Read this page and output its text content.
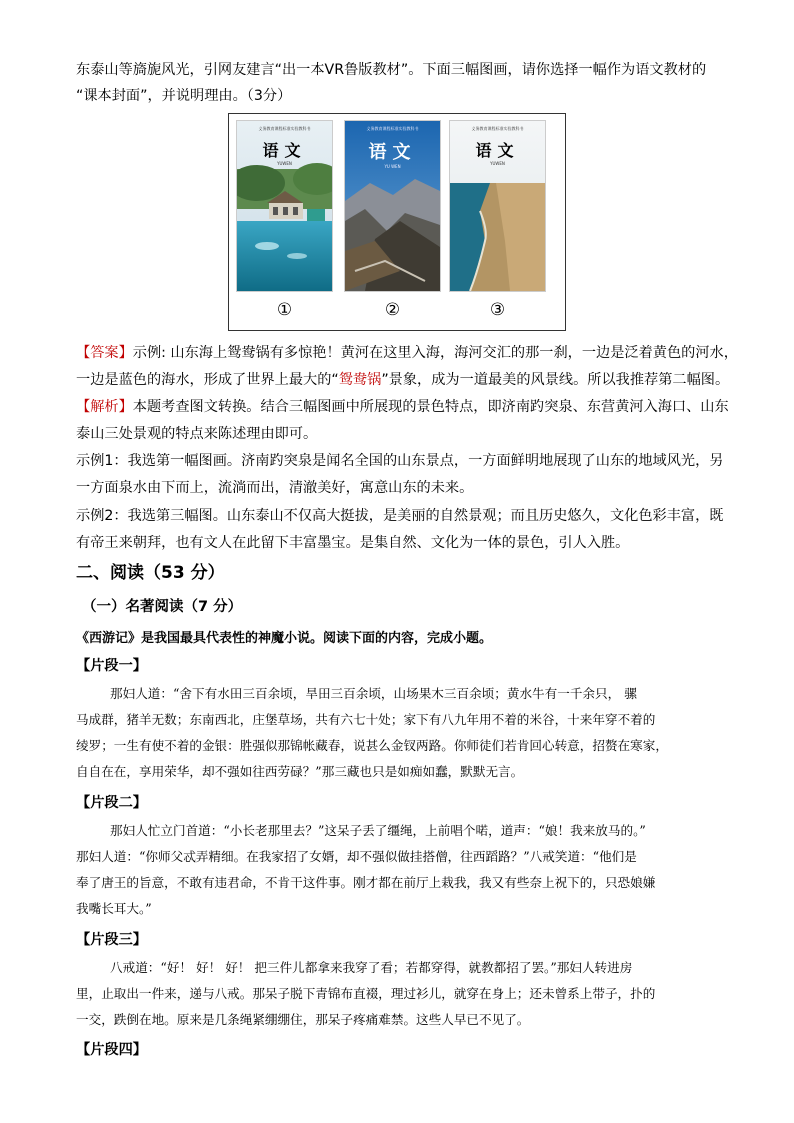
东泰山等旖旎风光，引网友建言“出一本VR鲁版教材”。下面三幅图画，请你选择一幅作为语文教材的
“课本封面”，并说明理由。（3分）
义务教育课程标准实验教科书
语文
YUWEN
①
义务教育课程标准实验教科书
语文
YU WEN
②
义务教育课程标准实验教科书
语文
YUWEN
③
【答案】示例: 山东海上鸳鸯锅有多惊艳！黄河在这里入海，海河交汇的那一刹，一边是泛着黄色的河水，
一边是蓝色的海水，形成了世界上最大的“鸳鸯锅”景象，成为一道最美的风景线。所以我推荐第二幅图。
【解析】本题考查图文转换。结合三幅图画中所展现的景色特点，即济南趵突泉、东营黄河入海口、山东
泰山三处景观的特点来陈述理由即可。
示例1：我选第一幅图画。济南趵突泉是闻名全国的山东景点，一方面鲜明地展现了山东的地域风光，另
一方面泉水由下而上，流淌而出，清澈美好，寓意山东的未来。
示例2：我选第三幅图。山东泰山不仅高大挺拔，是美丽的自然景观；而且历史悠久，文化色彩丰富，既
有帝王来朝拜，也有文人在此留下丰富墨宝。是集自然、文化为一体的景色，引人入胜。
二、阅读（53 分）
（一）名著阅读（7 分）
《西游记》是我国最具代表性的神魔小说。阅读下面的内容，完成小题。
【片段一】
那妇人道：“舍下有水田三百余顷，旱田三百余顷，山场果木三百余顷；黄水牛有一千余只， 骡
马成群，猪羊无数；东南西北，庄堡草场，共有六七十处；家下有八九年用不着的米谷，十来年穿不着的
绫罗；一生有使不着的金银：胜强似那锦帐藏春，说甚么金钗两路。你师徒们若肯回心转意，招赘在寒家，
自自在在，享用荣华，却不强如往西劳碌？”那三藏也只是如痴如蠢，默默无言。
【片段二】
那妇人忙立门首道：“小长老那里去？”这呆子丢了缰绳，上前唱个喏，道声：“娘！我来放马的。”
那妇人道：“你师父忒弄精细。在我家招了女婿，却不强似做挂搭僧，往西蹈路？”八戒笑道：“他们是
奉了唐王的旨意，不敢有违君命，不肯干这件事。刚才都在前厅上栽我，我又有些奈上祝下的，只恐娘嫌
我嘴长耳大。”
【片段三】
八戒道：“好！ 好！ 好！ 把三件儿都拿来我穿了看；若都穿得，就教都招了罢。”那妇人转进房
里，止取出一件来，递与八戒。那呆子脱下青锦布直裰，理过衫儿，就穿在身上；还未曾系上带子，扑的
一交，跌倒在地。原来是几条绳紧绷绷住，那呆子疼痛难禁。这些人早已不见了。
【片段四】
